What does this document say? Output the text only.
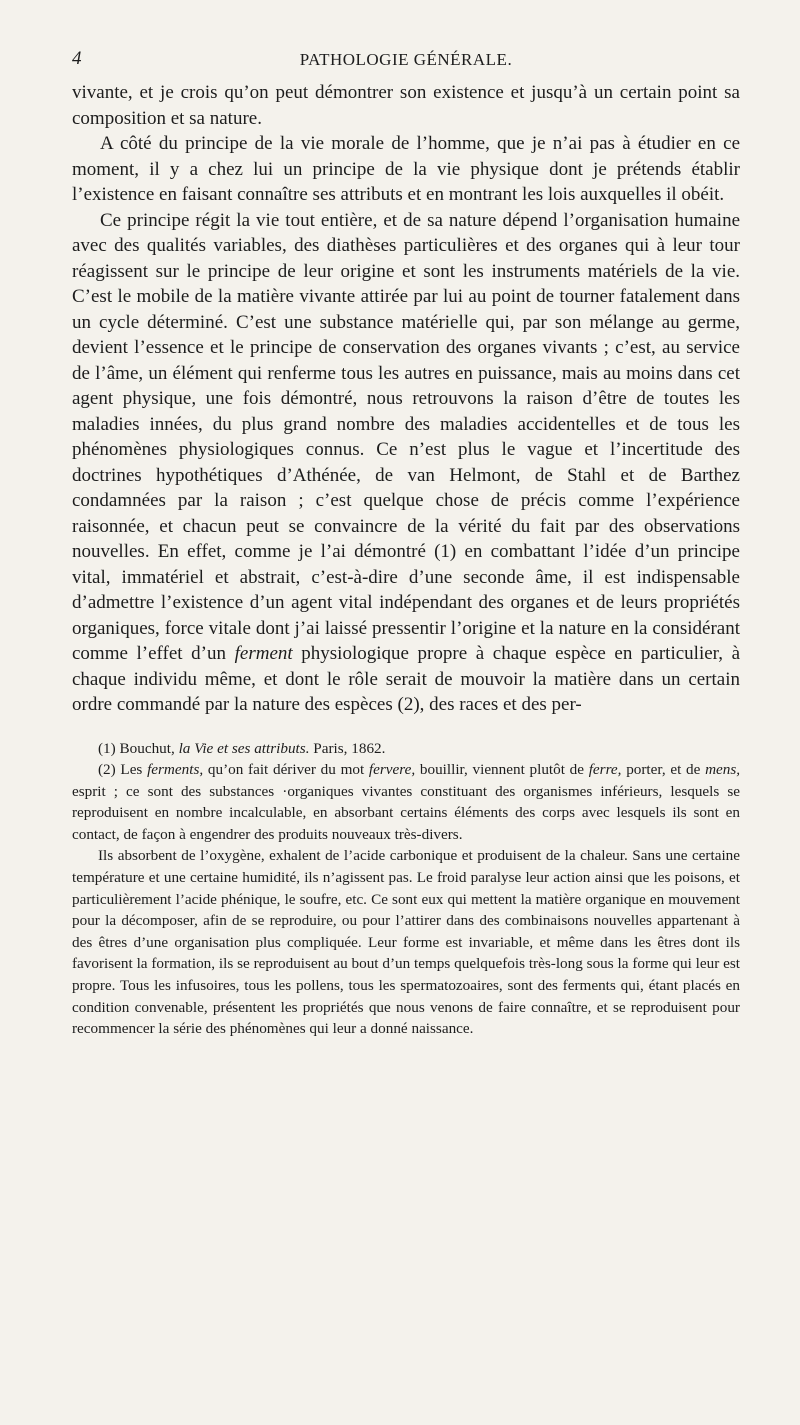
4	PATHOLOGIE GÉNÉRALE.

vivante, et je crois qu’on peut démontrer son existence et jusqu’à un certain point sa composition et sa nature.

A côté du principe de la vie morale de l’homme, que je n’ai pas à étudier en ce moment, il y a chez lui un principe de la vie physique dont je prétends établir l’existence en faisant connaître ses attributs et en montrant les lois auxquelles il obéit.

Ce principe régit la vie tout entière, et de sa nature dépend l’organisation humaine avec des qualités variables, des diathèses particulières et des organes qui à leur tour réagissent sur le principe de leur origine et sont les instruments matériels de la vie. C’est le mobile de la matière vivante attirée par lui au point de tourner fatalement dans un cycle déterminé. C’est une substance matérielle qui, par son mélange au germe, devient l’essence et le principe de conservation des organes vivants ; c’est, au service de l’âme, un élément qui renferme tous les autres en puissance, mais au moins dans cet agent physique, une fois démontré, nous retrouvons la raison d’être de toutes les maladies innées, du plus grand nombre des maladies accidentelles et de tous les phénomènes physiologiques connus. Ce n’est plus le vague et l’incertitude des doctrines hypothétiques d’Athénée, de van Helmont, de Stahl et de Barthez condamnées par la raison ; c’est quelque chose de précis comme l’expérience raisonnée, et chacun peut se convaincre de la vérité du fait par des observations nouvelles. En effet, comme je l’ai démontré (1) en combattant l’idée d’un principe vital, immatériel et abstrait, c’est-à-dire d’une seconde âme, il est indispensable d’admettre l’existence d’un agent vital indépendant des organes et de leurs propriétés organiques, force vitale dont j’ai laissé pressentir l’origine et la nature en la considérant comme l’effet d’un ferment physiologique propre à chaque espèce en particulier, à chaque individu même, et dont le rôle serait de mouvoir la matière dans un certain ordre commandé par la nature des espèces (2), des races et des per-

(1) Bouchut, la Vie et ses attributs. Paris, 1862.

(2) Les ferments, qu’on fait dériver du mot fervere, bouillir, viennent plutôt de ferre, porter, et de mens, esprit ; ce sont des substances ·organiques vivantes constituant des organismes inférieurs, lesquels se reproduisent en nombre incalculable, en absorbant certains éléments des corps avec lesquels ils sont en contact, de façon à engendrer des produits nouveaux très-divers.

Ils absorbent de l’oxygène, exhalent de l’acide carbonique et produisent de la chaleur. Sans une certaine température et une certaine humidité, ils n’agissent pas. Le froid paralyse leur action ainsi que les poisons, et particulièrement l’acide phénique, le soufre, etc. Ce sont eux qui mettent la matière organique en mouvement pour la décomposer, afin de se reproduire, ou pour l’attirer dans des combinaisons nouvelles appartenant à des êtres d’une organisation plus compliquée. Leur forme est invariable, et même dans les êtres dont ils favorisent la formation, ils se reproduisent au bout d’un temps quelquefois très-long sous la forme qui leur est propre. Tous les infusoires, tous les pollens, tous les spermatozoaires, sont des ferments qui, étant placés en condition convenable, présentent les propriétés que nous venons de faire connaître, et se reproduisent pour recommencer la série des phénomènes qui leur a donné naissance.
